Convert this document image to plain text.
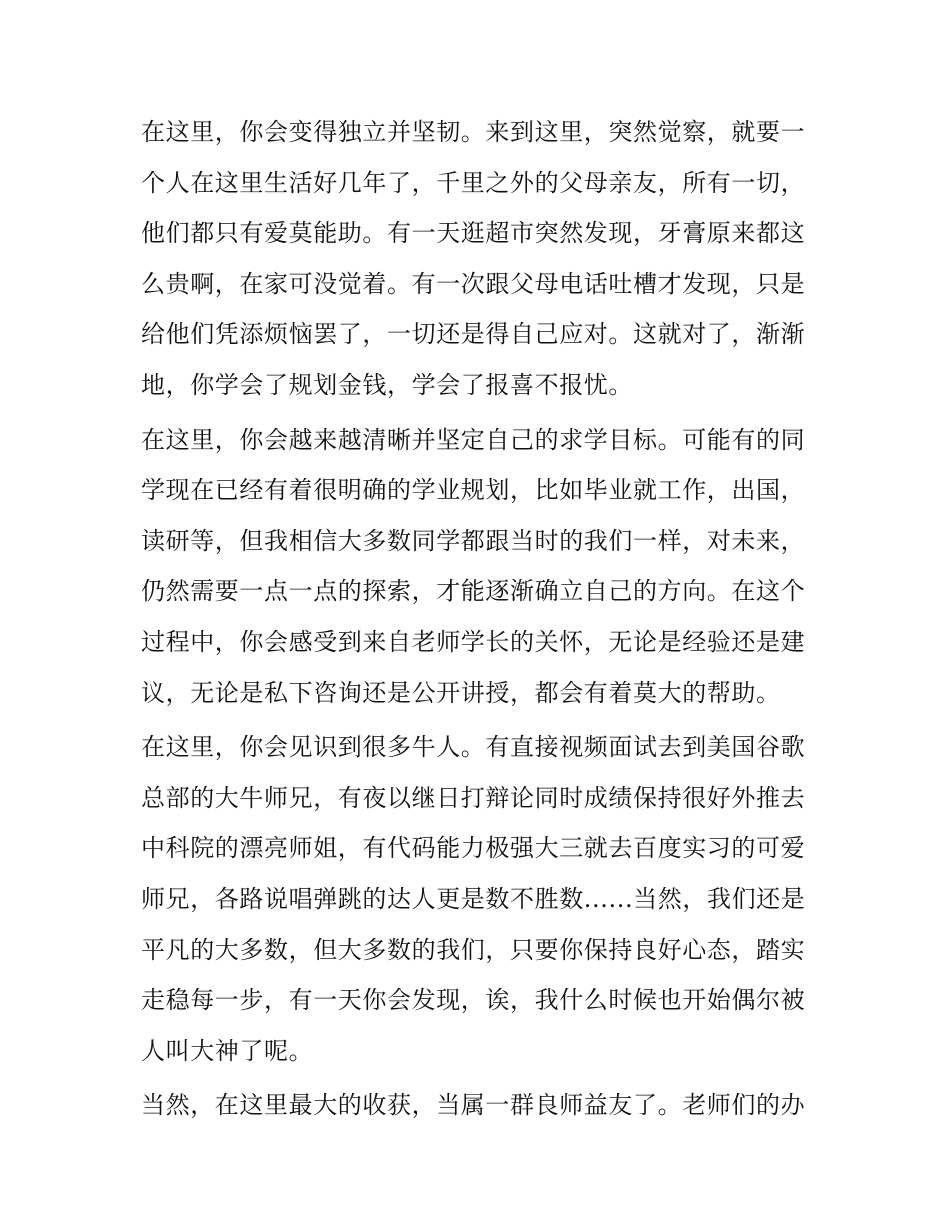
在这里，你会变得独立并坚韧。来到这里，突然觉察，就要一
个人在这里生活好几年了，千里之外的父母亲友，所有一切，
他们都只有爱莫能助。有一天逛超市突然发现，牙膏原来都这
么贵啊，在家可没觉着。有一次跟父母电话吐槽才发现，只是
给他们凭添烦恼罢了，一切还是得自己应对。这就对了，渐渐
地，你学会了规划金钱，学会了报喜不报忧。
在这里，你会越来越清晰并坚定自己的求学目标。可能有的同
学现在已经有着很明确的学业规划，比如毕业就工作，出国，
读研等，但我相信大多数同学都跟当时的我们一样，对未来，
仍然需要一点一点的探索，才能逐渐确立自己的方向。在这个
过程中，你会感受到来自老师学长的关怀，无论是经验还是建
议，无论是私下咨询还是公开讲授，都会有着莫大的帮助。
在这里，你会见识到很多牛人。有直接视频面试去到美国谷歌
总部的大牛师兄，有夜以继日打辩论同时成绩保持很好外推去
中科院的漂亮师姐，有代码能力极强大三就去百度实习的可爱
师兄，各路说唱弹跳的达人更是数不胜数......当然，我们还是
平凡的大多数，但大多数的我们，只要你保持良好心态，踏实
走稳每一步，有一天你会发现，诶，我什么时候也开始偶尔被
人叫大神了呢。
当然，在这里最大的收获，当属一群良师益友了。老师们的办
